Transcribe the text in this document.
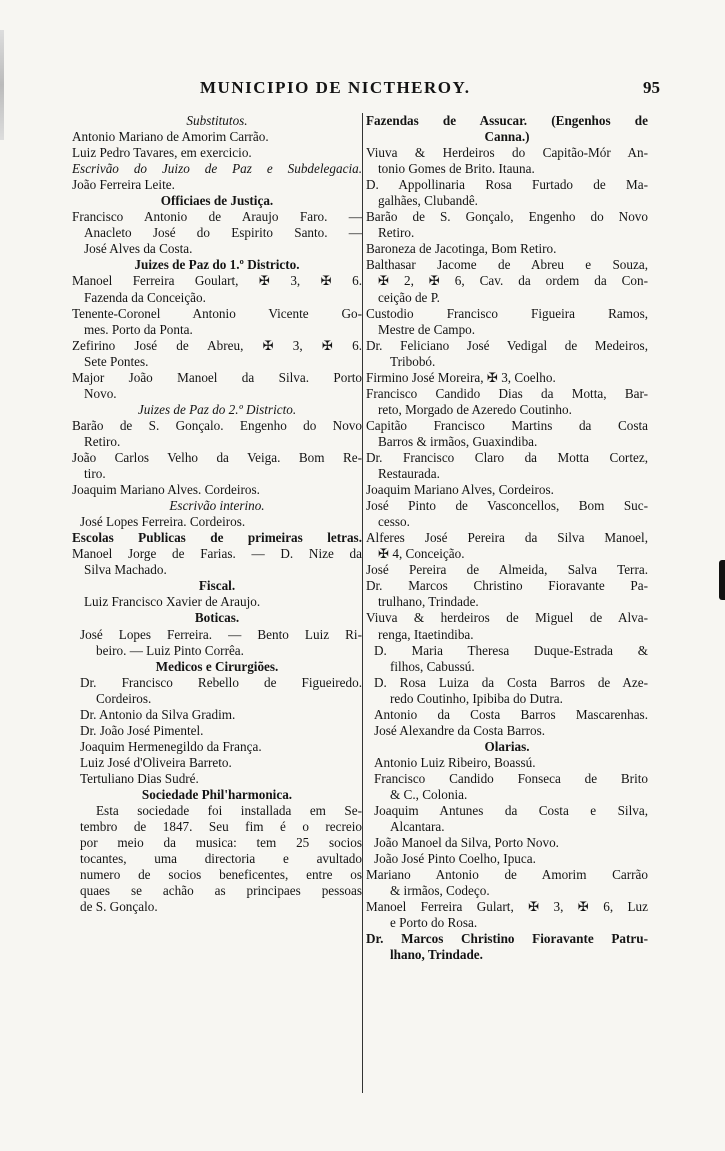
MUNICIPIO DE NICTHEROY.	95
Substitutos.
Antonio Mariano de Amorim Carrão.
Luiz Pedro Tavares, em exercicio.
Escrivão do Juizo de Paz e Subdelegacia.
João Ferreira Leite.
Officiaes de Justiça.
Francisco Antonio de Araujo Faro. —
Anacleto José do Espirito Santo. —
José Alves da Costa.
Juizes de Paz do 1.º Districto.
Manoel Ferreira Goulart, ✠ 3, ✠ 6.
Fazenda da Conceição.
Tenente-Coronel Antonio Vicente Go-
mes. Porto da Ponta.
Zefirino José de Abreu, ✠ 3, ✠ 6.
Sete Pontes.
Major João Manoel da Silva. Porto
Novo.
Juizes de Paz do 2.º Districto.
Barão de S. Gonçalo. Engenho do Novo
Retiro.
João Carlos Velho da Veiga. Bom Re-
tiro.
Joaquim Mariano Alves. Cordeiros.
Escrivão interino.
José Lopes Ferreira. Cordeiros.
Escolas Publicas de primeiras letras.
Manoel Jorge de Farias. — D. Nize da
Silva Machado.
Fiscal.
Luiz Francisco Xavier de Araujo.
Boticas.
José Lopes Ferreira. — Bento Luiz Ri-
beiro. — Luiz Pinto Corrêa.
Medicos e Cirurgiões.
Dr. Francisco Rebello de Figueiredo.
Cordeiros.
Dr. Antonio da Silva Gradim.
Dr. João José Pimentel.
Joaquim Hermenegildo da França.
Luiz José d'Oliveira Barreto.
Tertuliano Dias Sudré.
Sociedade Phil'harmonica.
Esta sociedade foi installada em Se-
tembro de 1847. Seu fim é o recreio
por meio da musica: tem 25 socios
tocantes, uma directoria e avultado
numero de socios beneficentes, entre os
quaes se achão as principaes pessoas
de S. Gonçalo.
Fazendas de Assucar. (Engenhos de
Canna.)
Viuva & Herdeiros do Capitão-Mór An-
tonio Gomes de Brito. Itauna.
D. Appollinaria Rosa Furtado de Ma-
galhães, Clubandê.
Barão de S. Gonçalo, Engenho do Novo
Retiro.
Baroneza de Jacotinga, Bom Retiro.
Balthasar Jacome de Abreu e Souza,
✠ 2, ✠ 6, Cav. da ordem da Con-
ceição de P.
Custodio Francisco Figueira Ramos,
Mestre de Campo.
Dr. Feliciano José Vedigal de Medeiros,
Tribobó.
Firmino José Moreira, ✠ 3, Coelho.
Francisco Candido Dias da Motta, Bar-
reto, Morgado de Azeredo Coutinho.
Capitão Francisco Martins da Costa
Barros & irmãos, Guaxindiba.
Dr. Francisco Claro da Motta Cortez,
Restaurada.
Joaquim Mariano Alves, Cordeiros.
José Pinto de Vasconcellos, Bom Suc-
cesso.
Alferes José Pereira da Silva Manoel,
✠ 4, Conceição.
José Pereira de Almeida, Salva Terra.
Dr. Marcos Christino Fioravante Pa-
trulhano, Trindade.
Viuva & herdeiros de Miguel de Alva-
renga, Itaetindiba.
D. Maria Theresa Duque-Estrada &
filhos, Cabussú.
D. Rosa Luiza da Costa Barros de Aze-
redo Coutinho, Ipibiba do Dutra.
Antonio da Costa Barros Mascarenhas.
José Alexandre da Costa Barros.
Olarias.
Antonio Luiz Ribeiro, Boassú.
Francisco Candido Fonseca de Brito
& C., Colonia.
Joaquim Antunes da Costa e Silva,
Alcantara.
João Manoel da Silva, Porto Novo.
João José Pinto Coelho, Ipuca.
Mariano Antonio de Amorim Carrão
& irmãos, Codeço.
Manoel Ferreira Gulart, ✠ 3, ✠ 6, Luz
e Porto do Rosa.
Dr. Marcos Christino Fioravante Patru-
lhano, Trindade.
